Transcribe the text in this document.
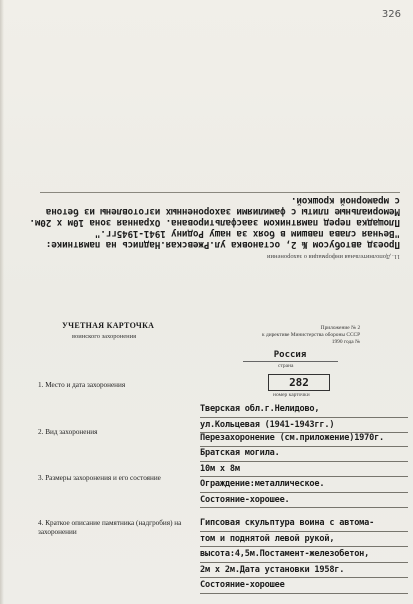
326
11. Дополнительная информация о захоронении
Проезд автобусом № 2, остановка ул.Ржевская.Надпись на памятнике:
"Вечная слава павшим в боях за нашу Родину 1941-1945гг."
Площадка перед памятником заасфальтирована. Охранная зона 10м х 20м.
Мемориальные плиты с фамилиями захороненных изготовлены из бетона
с мраморной крошкой.
УЧЕТНАЯ КАРТОЧКА
воинского захоронения
Приложение № 2
к директиве Министерства обороны СССР
1990 года №
Россия
страна
282
номер карточки
1. Место и дата захоронения
Тверская обл.г.Нелидово,
ул.Кольцевая (1941-1943гг.)
2. Вид захоронения
Перезахоронение (см.приложение)1970г.
3. Размеры захоронения и его состояние
Братская могила.
10м х 8м
Ограждение:металлическое.
Состояние-хорошее.
4. Краткое описание памятника (надгробия) на захоронении
Гипсовая скульптура воина с автома-
том и поднятой левой рукой,
высота:4,5м.Постамент-железобетон,
2м х 2м.Дата установки 1958г.
Состояние-хорошее
